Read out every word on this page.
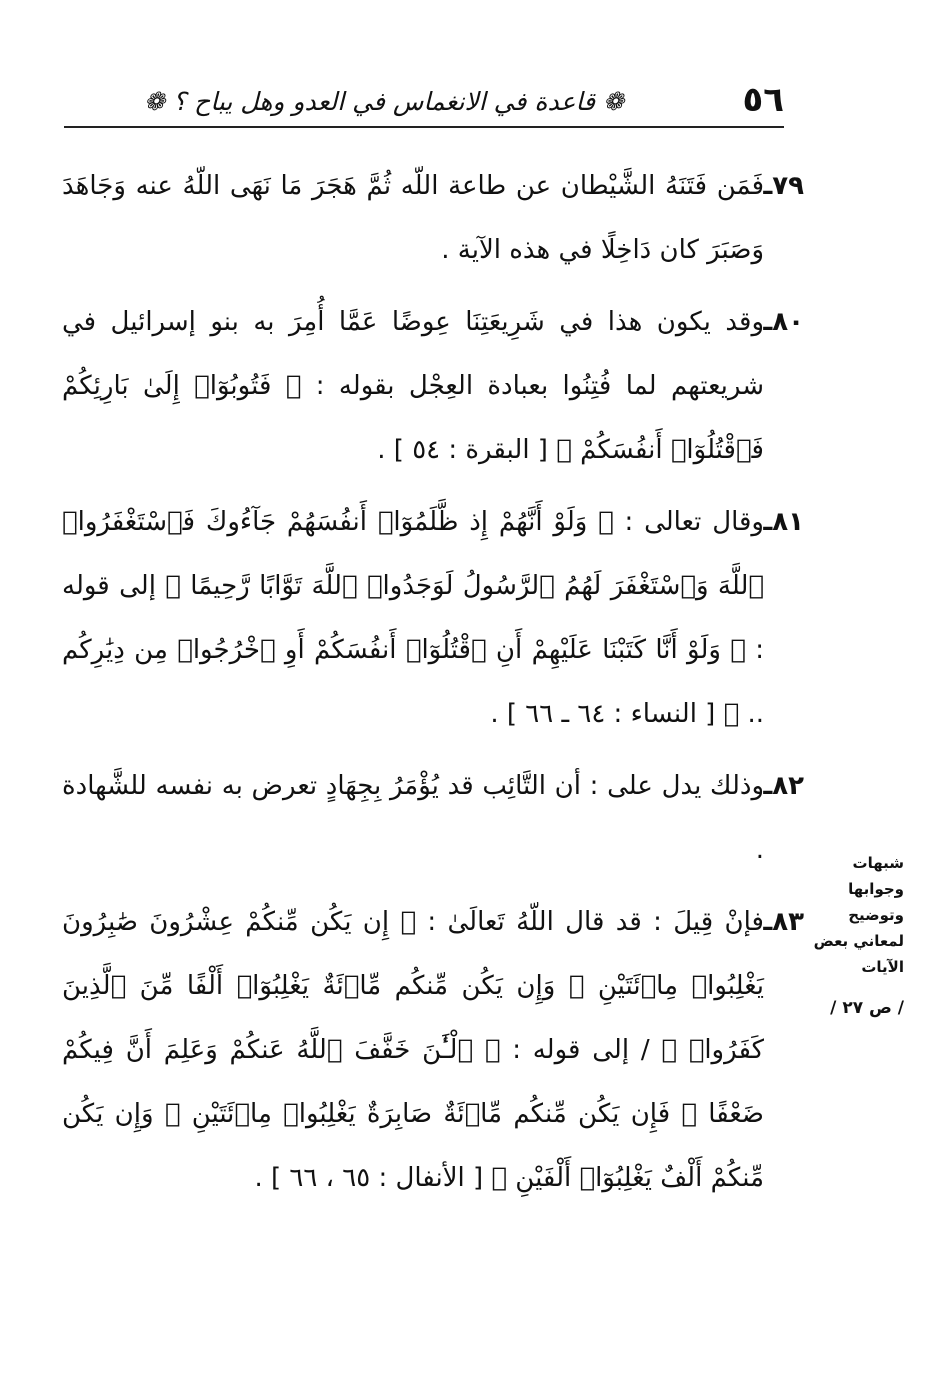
٥٦
❁ قاعدة في الانغماس في العدو وهل يباح ؟ ❁

٧٩ـ
فَمَن فَتَنَهُ الشَّيْطان عن طاعة اللّه ثُمَّ هَجَرَ مَا نَهَى اللّهُ عنه وَجَاهَدَ وَصَبَرَ كان دَاخِلًا في هذه الآية .

٨٠ـ
وقد يكون هذا في شَرِيعَتِنَا عِوضًا عَمَّا أُمِرَ به بنو إسرائيل في شريعتهم لما فُتِنُوا بعبادة العِجْل بقوله : ﴿ فَتُوبُوٓا۟ إِلَىٰ بَارِئِكُمْ فَٱقْتُلُوٓا۟ أَنفُسَكُمْ ﴾ [ البقرة : ٥٤ ] .

٨١ـ
وقال تعالى : ﴿ وَلَوْ أَنَّهُمْ إِذ ظَّلَمُوٓا۟ أَنفُسَهُمْ جَآءُوكَ فَٱسْتَغْفَرُوا۟ ٱللَّهَ وَٱسْتَغْفَرَ لَهُمُ ٱلرَّسُولُ لَوَجَدُوا۟ ٱللَّهَ تَوَّابًا رَّحِيمًا ﴾ إلى قوله : ﴿ وَلَوْ أَنَّا كَتَبْنَا عَلَيْهِمْ أَنِ ٱقْتُلُوٓا۟ أَنفُسَكُمْ أَوِ ٱخْرُجُوا۟ مِن دِيَٰرِكُم .. ﴾ [ النساء : ٦٤ ـ ٦٦ ] .

٨٢ـ
وذلك يدل على : أن التَّائِب قد يُؤْمَرُ بِجِهَادٍ تعرض به نفسه للشَّهادة .

٨٣ـ
فإنْ قِيلَ : قد قال اللّهُ تَعالَىٰ : ﴿ إِن يَكُن مِّنكُمْ عِشْرُونَ صَٰبِرُونَ يَغْلِبُوا۟ مِا۟ئَتَيْنِ ۚ وَإِن يَكُن مِّنكُم مِّا۟ئَةٌ يَغْلِبُوٓا۟ أَلْفًا مِّنَ ٱلَّذِينَ كَفَرُوا۟ ﴾ / إلى قوله : ﴿ ٱلْـَٰٔنَ خَفَّفَ ٱللَّهُ عَنكُمْ وَعَلِمَ أَنَّ فِيكُمْ ضَعْفًا ۚ فَإِن يَكُن مِّنكُم مِّا۟ئَةٌ صَابِرَةٌ يَغْلِبُوا۟ مِا۟ئَتَيْنِ ۚ وَإِن يَكُن مِّنكُمْ أَلْفٌ يَغْلِبُوٓا۟ أَلْفَيْنِ ﴾ [ الأنفال : ٦٥ ، ٦٦ ] .

شبهات
وجوابها
وتوضيح
لمعاني بعض
الآيات
/ ص ٢٧ /
